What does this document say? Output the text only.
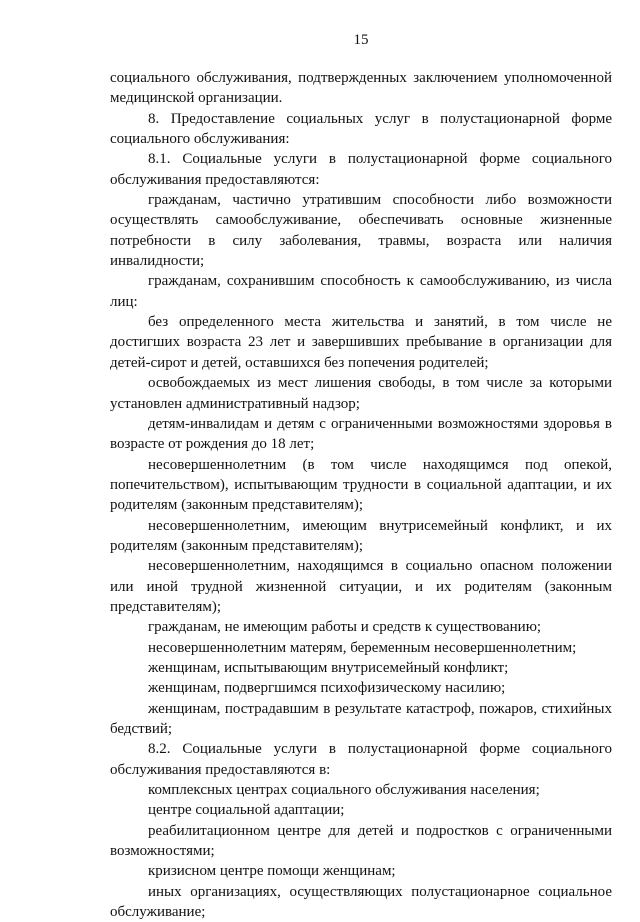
15

социального обслуживания, подтвержденных заключением уполномоченной медицинской организации.

8. Предоставление социальных услуг в полустационарной форме социального обслуживания:

8.1. Социальные услуги в полустационарной форме социального обслуживания предоставляются:

гражданам, частично утратившим способности либо возможности осуществлять самообслуживание, обеспечивать основные жизненные потребности в силу заболевания, травмы, возраста или наличия инвалидности;

гражданам, сохранившим способность к самообслуживанию, из числа лиц:

без определенного места жительства и занятий, в том числе не достигших возраста 23 лет и завершивших пребывание в организации для детей-сирот и детей, оставшихся без попечения родителей;

освобождаемых из мест лишения свободы, в том числе за которыми установлен административный надзор;

детям-инвалидам и детям с ограниченными возможностями здоровья в возрасте от рождения до 18 лет;

несовершеннолетним (в том числе находящимся под опекой, попечительством), испытывающим трудности в социальной адаптации, и их родителям (законным представителям);

несовершеннолетним, имеющим внутрисемейный конфликт, и их родителям (законным представителям);

несовершеннолетним, находящимся в социально опасном положении или иной трудной жизненной ситуации, и их родителям (законным представителям);

гражданам, не имеющим работы и средств к существованию;

несовершеннолетним матерям, беременным несовершеннолетним;

женщинам, испытывающим внутрисемейный конфликт;

женщинам, подвергшимся психофизическому насилию;

женщинам, пострадавшим в результате катастроф, пожаров, стихийных бедствий;

8.2. Социальные услуги в полустационарной форме социального обслуживания предоставляются в:

комплексных центрах социального обслуживания населения;

центре социальной адаптации;

реабилитационном центре для детей и подростков с ограниченными возможностями;

кризисном центре помощи женщинам;

иных организациях, осуществляющих полустационарное социальное обслуживание;
